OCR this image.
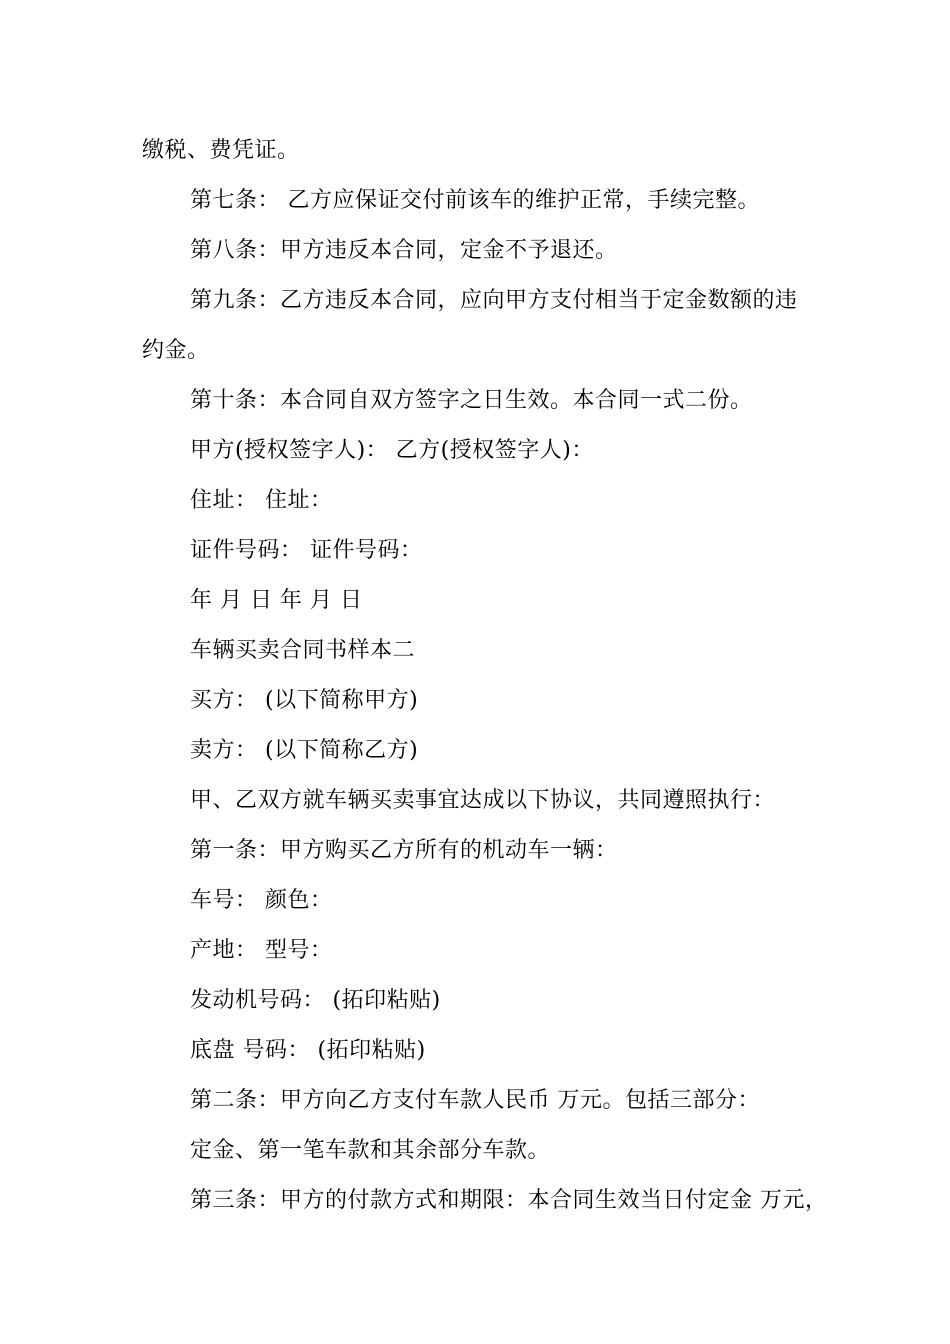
缴税、费凭证。
第七条： 乙方应保证交付前该车的维护正常，手续完整。
第八条：甲方违反本合同，定金不予退还。
第九条：乙方违反本合同，应向甲方支付相当于定金数额的违
约金。
第十条：本合同自双方签字之日生效。本合同一式二份。
甲方(授权签字人)： 乙方(授权签字人)：
住址： 住址：
证件号码： 证件号码：
年 月 日 年 月 日
车辆买卖合同书样本二
买方： (以下简称甲方)
卖方： (以下简称乙方)
甲、乙双方就车辆买卖事宜达成以下协议，共同遵照执行：
第一条：甲方购买乙方所有的机动车一辆：
车号： 颜色：
产地： 型号：
发动机号码： (拓印粘贴)
底盘 号码： (拓印粘贴)
第二条：甲方向乙方支付车款人民币 万元。包括三部分：
定金、第一笔车款和其余部分车款。
第三条：甲方的付款方式和期限：本合同生效当日付定金 万元，
